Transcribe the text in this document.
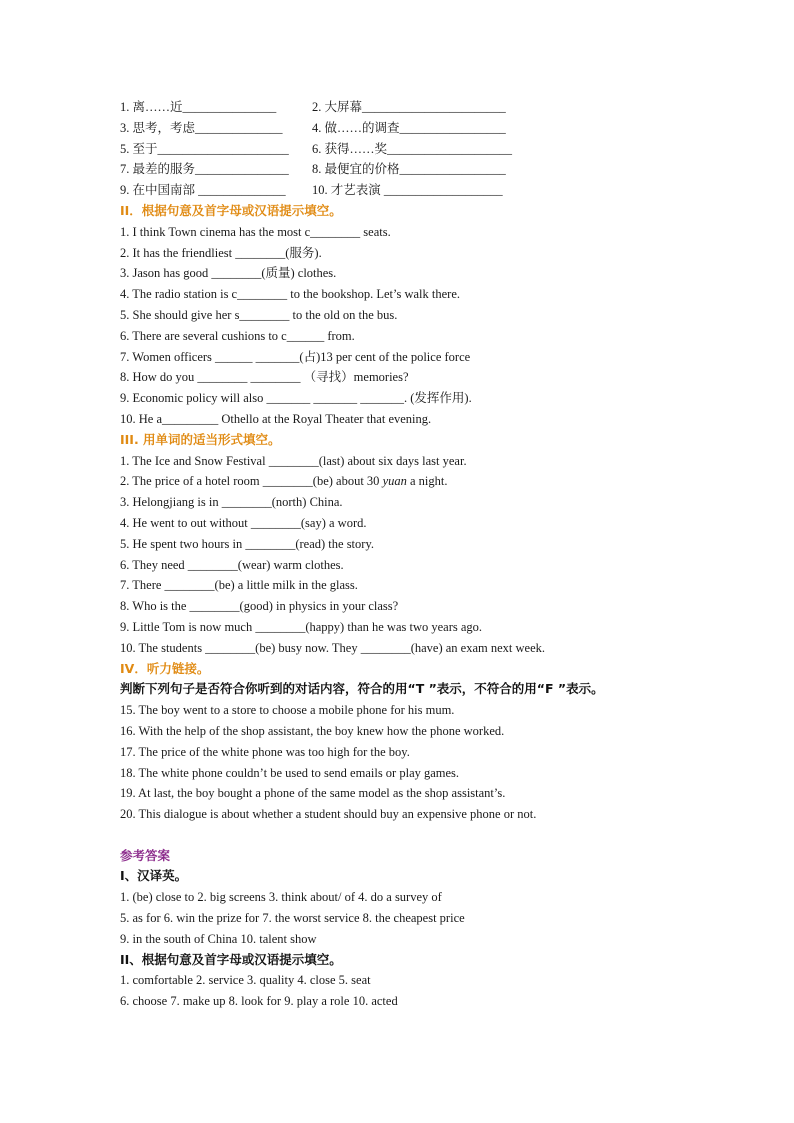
1. 离……近_______________	2. 大屏幕_______________________
3. 思考，考虑______________ 4. 做……的调查_________________
5. 至于_____________________ 6. 获得……奖____________________
7. 最差的服务_______________ 8. 最便宜的价格_________________
9. 在中国南部 ______________ 10. 才艺表演 ___________________
II．根据句意及首字母或汉语提示填空。
1. I think Town cinema has the most c________ seats.
2. It has the friendliest ________(服务).
3. Jason has good ________(质量) clothes.
4. The radio station is c________ to the bookshop. Let’s walk there.
5. She should give her s________ to the old on the bus.
6. There are several cushions to c______ from.
7. Women officers ______ _______(占)13 per cent of the police force
8. How do you ________ ________ （寻找）memories?
9. Economic policy will also _______ _______ _______. (发挥作用).
10. He a_________ Othello at the Royal Theater that evening.
III. 用单词的适当形式填空。
1. The Ice and Snow Festival ________(last) about six days last year.
2. The price of a hotel room ________(be) about 30 yuan a night.
3. Helongjiang is in ________(north) China.
4. He went to out without ________(say) a word.
5. He spent two hours in ________(read) the story.
6. They need ________(wear) warm clothes.
7. There ________(be) a little milk in the glass.
8. Who is the ________(good) in physics in your class?
9. Little Tom is now much ________(happy) than he was two years ago.
10. The students ________(be) busy now. They ________(have) an exam next week.
IV．听力链接。
判断下列句子是否符合你听到的对话内容，符合的用“T ”表示，不符合的用“F ”表示。
15. The boy went to a store to choose a mobile phone for his mum.
16. With the help of the shop assistant, the boy knew how the phone worked.
17. The price of the white phone was too high for the boy.
18. The white phone couldn’t be used to send emails or play games.
19. At last, the boy bought a phone of the same model as the shop assistant’s.
20. This dialogue is about whether a student should buy an expensive phone or not.
参考答案
I、汉译英。
1. (be) close to 2. big screens 3. think about/ of 4. do a survey of
5. as for 6. win the prize for 7. the worst service 8. the cheapest price
9. in the south of China 10. talent show
II、根据句意及首字母或汉语提示填空。
1. comfortable 2. service 3. quality 4. close 5. seat
6. choose 7. make up 8. look for 9. play a role 10. acted
